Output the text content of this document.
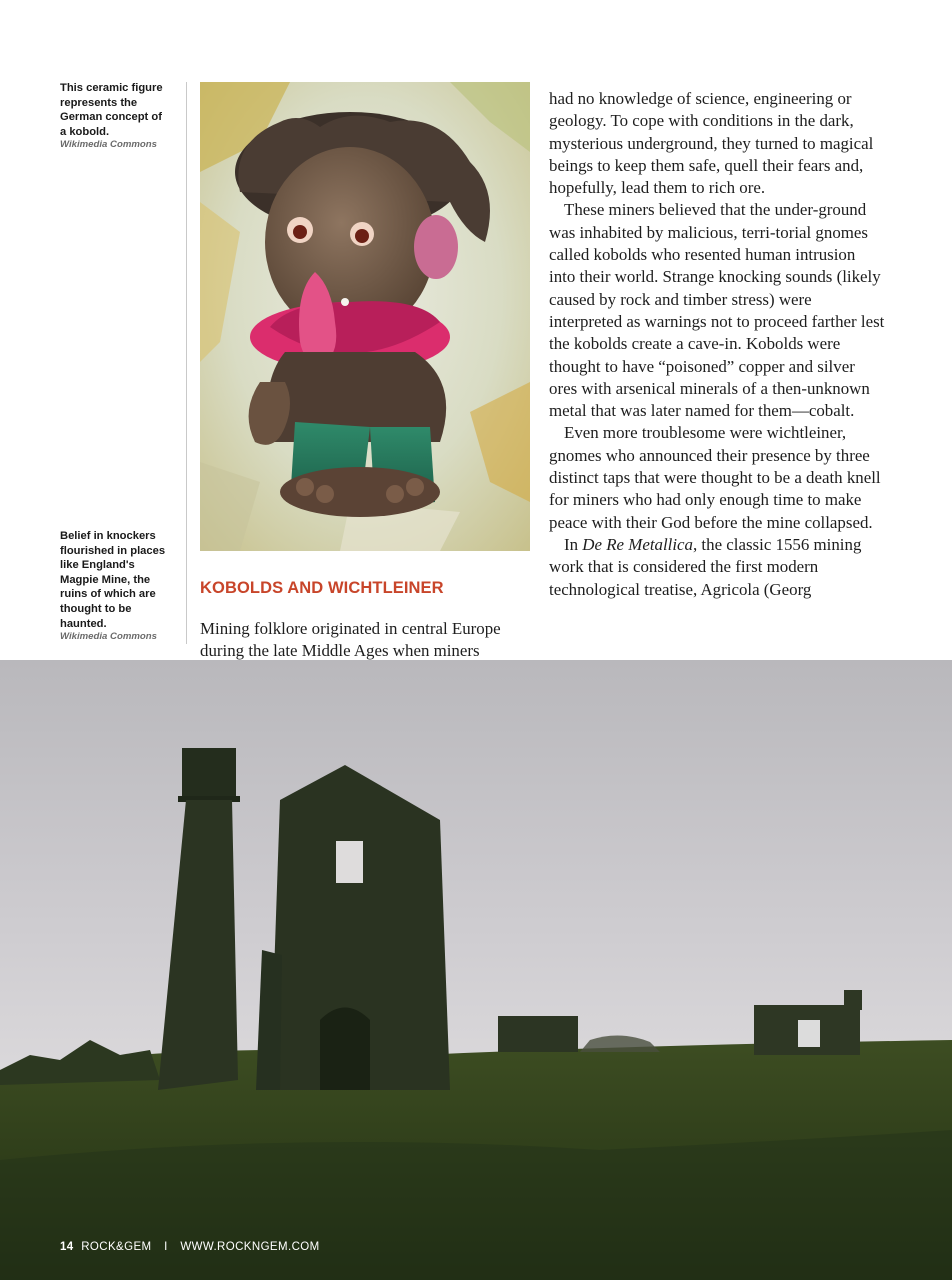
This ceramic figure represents the German concept of a kobold.
Wikimedia Commons
Belief in knockers flourished in places like England's Magpie Mine, the ruins of which are thought to be haunted.
Wikimedia Commons

had no knowledge of science, engineering or geology. To cope with conditions in the dark, mysterious underground, they turned to magical beings to keep them safe, quell their fears and, hopefully, lead them to rich ore.

These miners believed that the under-ground was inhabited by malicious, terri-torial gnomes called kobolds who resented human intrusion into their world. Strange knocking sounds (likely caused by rock and timber stress) were interpreted as warnings not to proceed farther lest the kobolds create a cave-in. Kobolds were thought to have “poisoned” copper and silver ores with arsenical minerals of a then-unknown metal that was later named for them—cobalt.

Even more troublesome were wichtleiner, gnomes who announced their presence by three distinct taps that were thought to be a death knell for miners who had only enough time to make peace with their God before the mine collapsed.

In De Re Metallica, the classic 1556 mining work that is considered the first modern technological treatise, Agricola (Georg

KOBOLDS AND WICHTLEINER

Mining folklore originated in central Europe during the late Middle Ages when miners

14 ROCK&GEM I WWW.ROCKNGEM.COM
